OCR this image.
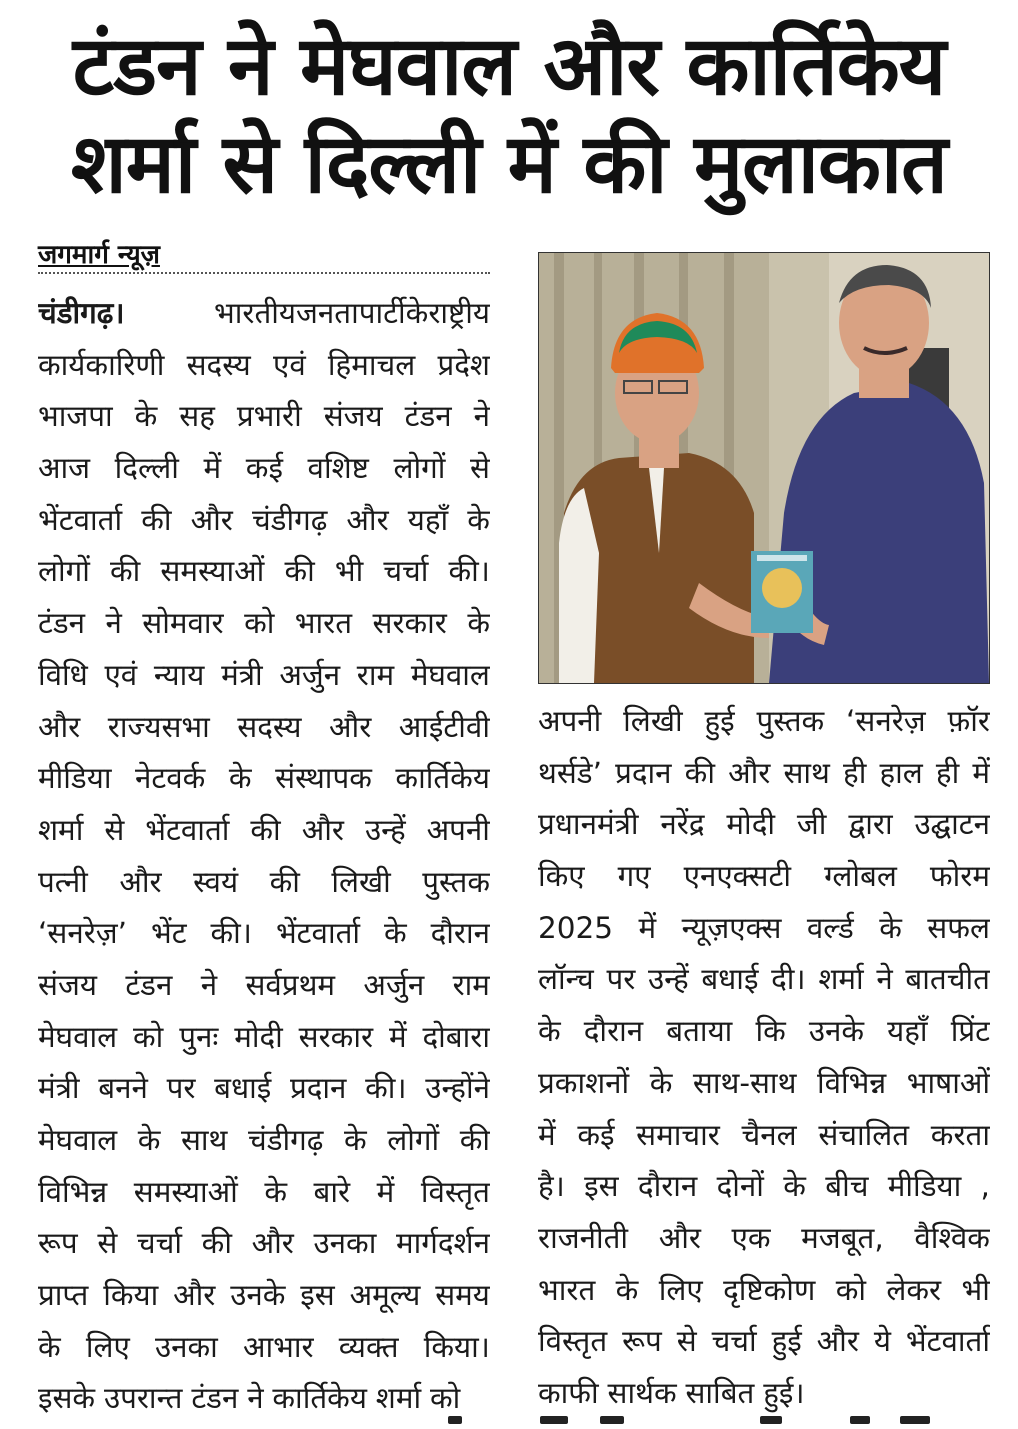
टंडन ने मेघवाल और कार्तिकेय
शर्मा से दिल्ली में की मुलाकात
जगमार्ग न्यूज़
चंडीगढ़।	भारतीयजनतापार्टीकेराष्ट्रीय
कार्यकारिणी सदस्य एवं हिमाचल प्रदेश
भाजपा के सह प्रभारी संजय टंडन ने
आज दिल्ली में कई वशिष्ट लोगों से
भेंटवार्ता की और चंडीगढ़ और यहाँ के
लोगों की समस्याओं की भी चर्चा की।
टंडन ने सोमवार को भारत सरकार के
विधि एवं न्याय मंत्री अर्जुन राम मेघवाल
और राज्यसभा सदस्य और आईटीवी
मीडिया नेटवर्क के संस्थापक कार्तिकेय
शर्मा से भेंटवार्ता की और उन्हें अपनी
पत्नी और स्वयं की लिखी पुस्तक
‘सनरेज़’ भेंट की। भेंटवार्ता के दौरान
संजय टंडन ने सर्वप्रथम अर्जुन राम
मेघवाल को पुनः मोदी सरकार में दोबारा
मंत्री बनने पर बधाई प्रदान की। उन्होंने
मेघवाल के साथ चंडीगढ़ के लोगों की
विभिन्न समस्याओं के बारे में विस्तृत
रूप से चर्चा की और उनका मार्गदर्शन
प्राप्त किया और उनके इस अमूल्य समय
के लिए उनका आभार व्यक्त किया।
इसके उपरान्त टंडन ने कार्तिकेय शर्मा को
अपनी लिखी हुई पुस्तक ‘सनरेज़ फ़ॉर
थर्सडे’ प्रदान की और साथ ही हाल ही में
प्रधानमंत्री नरेंद्र मोदी जी द्वारा उद्घाटन
किए गए एनएक्सटी ग्लोबल फोरम
2025 में न्यूज़एक्स वर्ल्ड के सफल
लॉन्च पर उन्हें बधाई दी। शर्मा ने बातचीत
के दौरान बताया कि उनके यहाँ प्रिंट
प्रकाशनों के साथ-साथ विभिन्न भाषाओं
में कई समाचार चैनल संचालित करता
है। इस दौरान दोनों के बीच मीडिया ,
राजनीती और एक मजबूत, वैश्विक
भारत के लिए दृष्टिकोण को लेकर भी
विस्तृत रूप से चर्चा हुई और ये भेंटवार्ता
काफी सार्थक साबित हुई।
